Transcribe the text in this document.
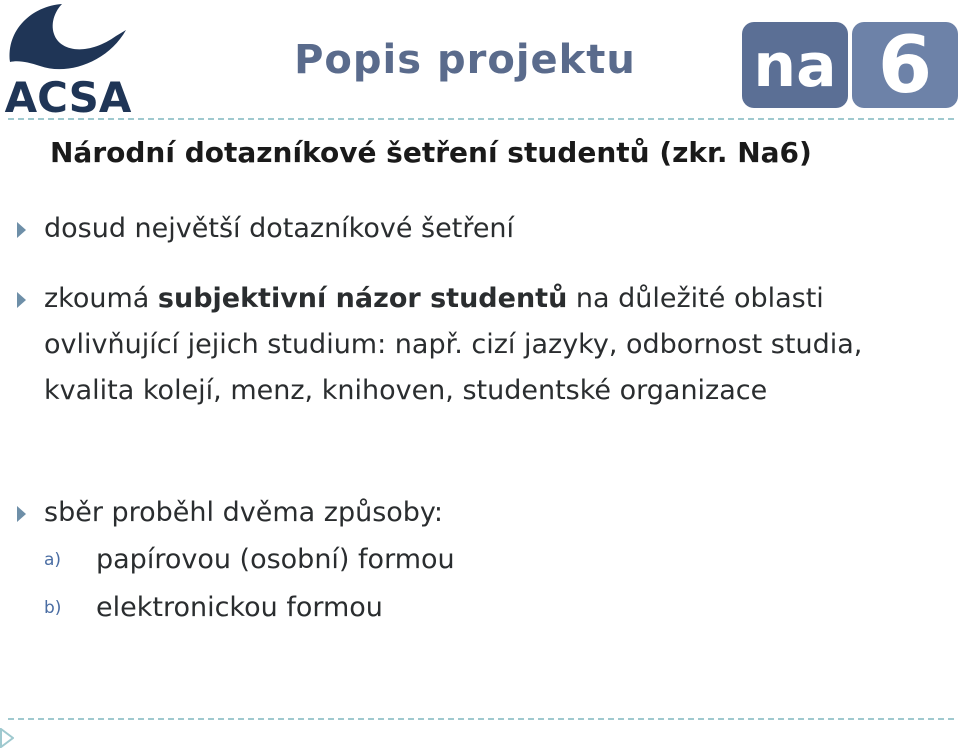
ACSA
Popis projektu	na 6
Národní dotazníkové šetření studentů (zkr. Na6)
dosud největší dotazníkové šetření
zkoumá subjektivní názor studentů na důležité oblasti ovlivňující jejich studium: např. cizí jazyky, odbornost studia, kvalita kolejí, menz, knihoven, studentské organizace
sběr proběhl dvěma způsoby:
a) papírovou (osobní) formou
b) elektronickou formou
